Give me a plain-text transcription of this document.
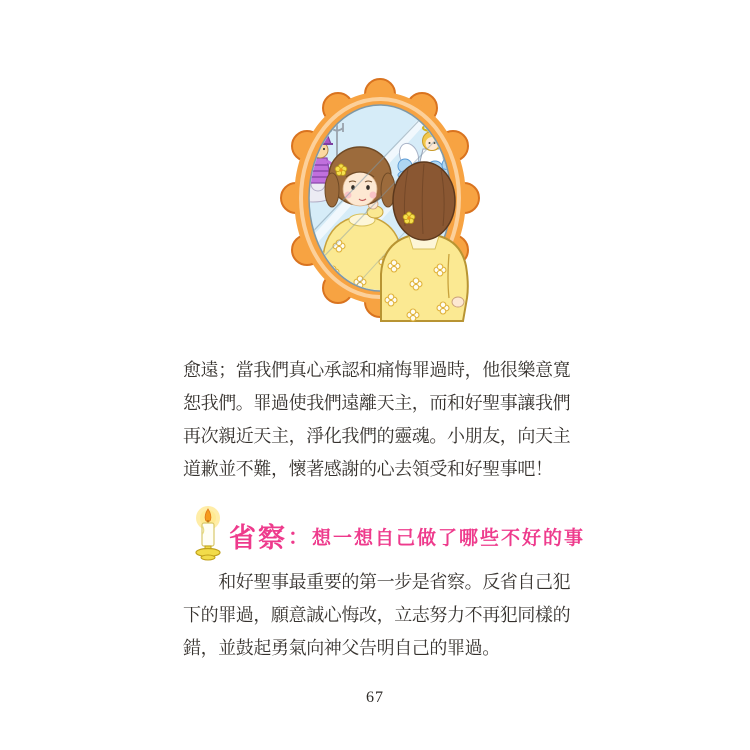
愈遠；當我們真心承認和痛悔罪過時，他很樂意寬
恕我們。罪過使我們遠離天主，而和好聖事讓我們
再次親近天主，淨化我們的靈魂。小朋友，向天主
道歉並不難，懷著感謝的心去領受和好聖事吧！
省察 ： 想一想自己做了哪些不好的事
　　和好聖事最重要的第一步是省察。反省自己犯
下的罪過，願意誠心悔改，立志努力不再犯同樣的
錯，並鼓起勇氣向神父告明自己的罪過。
67
